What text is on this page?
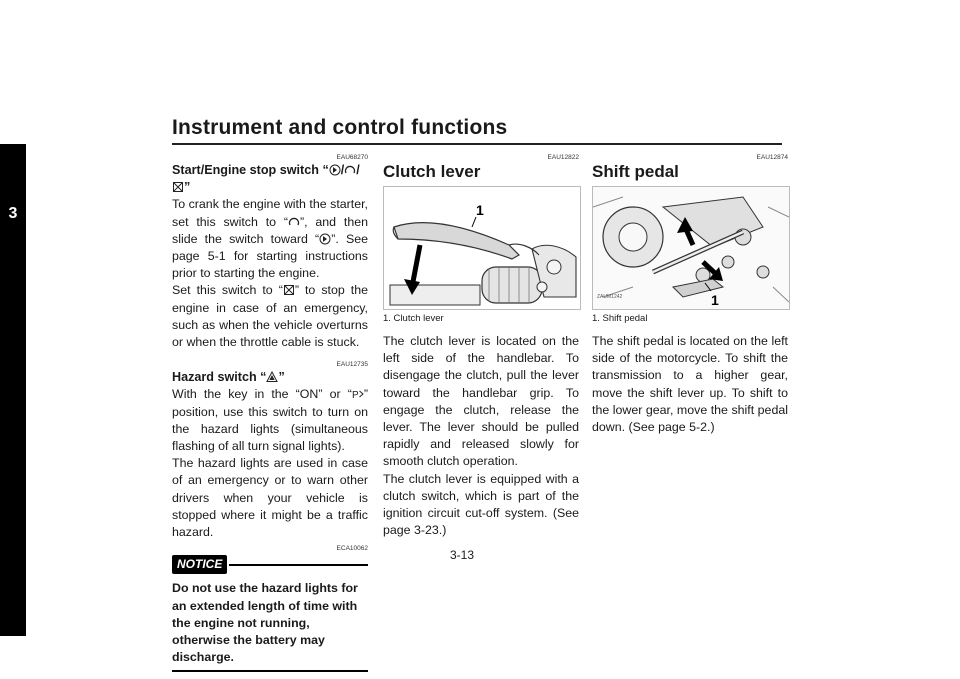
Instrument and control functions
3
EAU68270
Start/Engine stop switch “ / /”

To crank the engine with the starter, set this switch to “ ”, and then slide the switch toward “ ”. See page 5-1 for starting instructions prior to starting the engine.

Set this switch to “ ” to stop the engine in case of an emergency, such as when the vehicle overturns or when the throttle cable is stuck.

EAU12735
Hazard switch “ ”

With the key in the “ON” or “ P ” position, use this switch to turn on the hazard lights (simultaneous flashing of all turn signal lights).

The hazard lights are used in case of an emergency or to warn other drivers when your vehicle is stopped where it might be a traffic hazard.

ECA10062
NOTICE
Do not use the hazard lights for an extended length of time with the engine not running, otherwise the battery may discharge.
EAU12822
Clutch lever
1
1. Clutch lever

The clutch lever is located on the left side of the handlebar. To disengage the clutch, pull the lever toward the handlebar grip. To engage the clutch, release the lever. The lever should be pulled rapidly and released slowly for smooth clutch operation.

The clutch lever is equipped with a clutch switch, which is part of the ignition circuit cut-off system. (See page 3-23.)

EAU12874
Shift pedal
1
ZAUM1242
1. Shift pedal

The shift pedal is located on the left side of the motorcycle. To shift the transmission to a higher gear, move the shift lever up. To shift to the lower gear, move the shift pedal down. (See page 5-2.)

3-13
